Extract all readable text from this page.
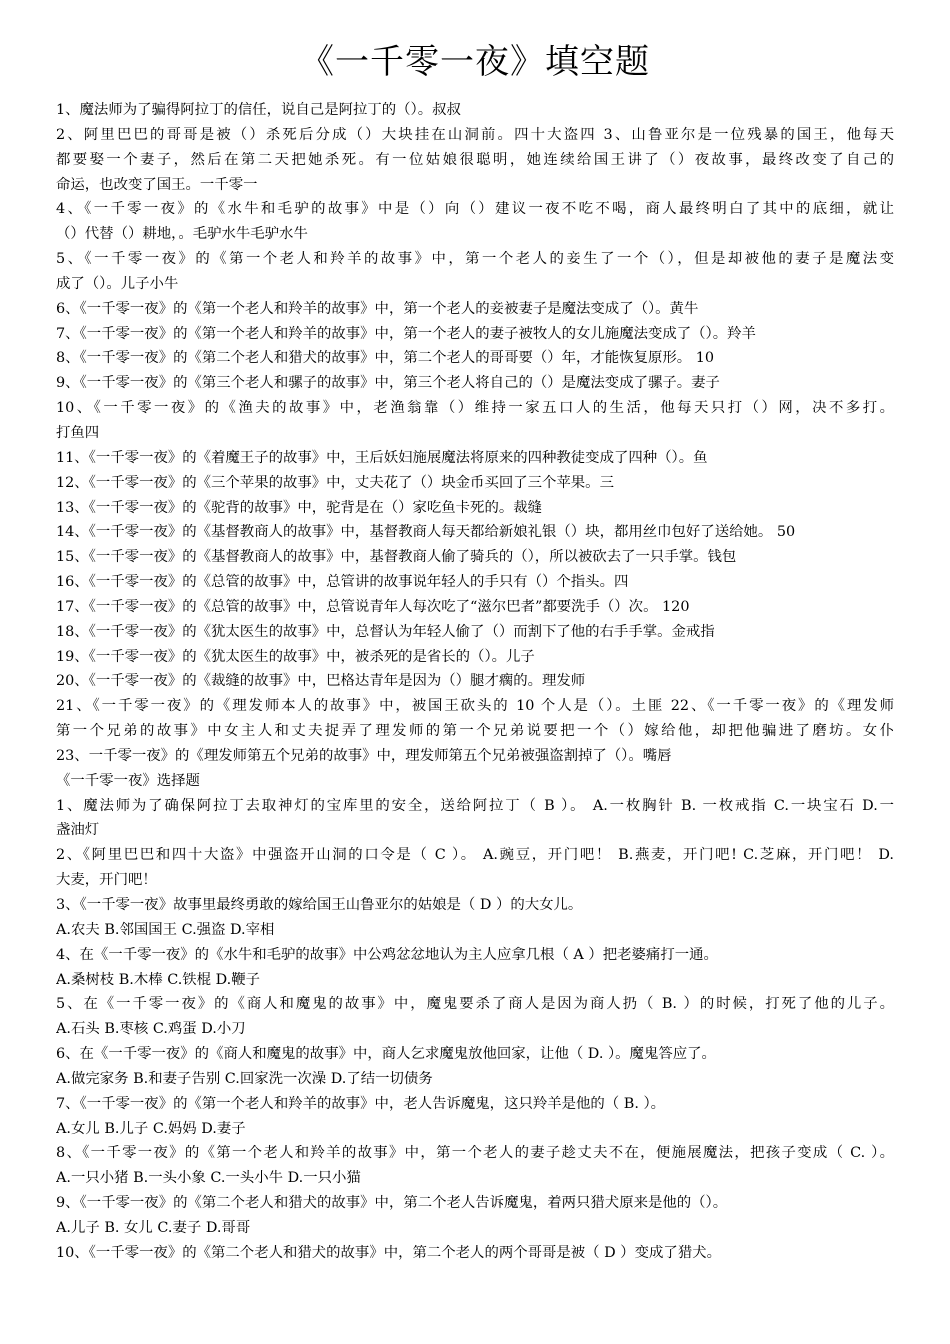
《一千零一夜》填空题
1、魔法师为了骗得阿拉丁的信任，说自己是阿拉丁的（）。叔叔
2、阿里巴巴的哥哥是被（）杀死后分成（）大块挂在山洞前。四十大盗四 3、山鲁亚尔是一位残暴的国王，他每天
都要娶一个妻子，然后在第二天把她杀死。有一位姑娘很聪明，她连续给国王讲了（）夜故事，最终改变了自己的
命运，也改变了国王。一千零一
4、《一千零一夜》的《水牛和毛驴的故事》中是（）向（）建议一夜不吃不喝，商人最终明白了其中的底细，就让
（）代替（）耕地，。毛驴水牛毛驴水牛
5、《一千零一夜》的《第一个老人和羚羊的故事》中，第一个老人的妾生了一个（），但是却被他的妻子是魔法变
成了（）。儿子小牛
6、《一千零一夜》的《第一个老人和羚羊的故事》中，第一个老人的妾被妻子是魔法变成了（）。黄牛
7、《一千零一夜》的《第一个老人和羚羊的故事》中，第一个老人的妻子被牧人的女儿施魔法变成了（）。羚羊
8、《一千零一夜》的《第二个老人和猎犬的故事》中，第二个老人的哥哥要（）年，才能恢复原形。 10
9、《一千零一夜》的《第三个老人和骡子的故事》中，第三个老人将自己的（）是魔法变成了骡子。妻子
10、《一千零一夜》的《渔夫的故事》中，老渔翁靠（）维持一家五口人的生活，他每天只打（）网，决不多打。
打鱼四
11、《一千零一夜》的《着魔王子的故事》中，王后妖妇施展魔法将原来的四种教徒变成了四种（）。鱼
12、《一千零一夜》的《三个苹果的故事》中，丈夫花了（）块金币买回了三个苹果。三
13、《一千零一夜》的《驼背的故事》中，驼背是在（）家吃鱼卡死的。裁缝
14、《一千零一夜》的《基督教商人的故事》中，基督教商人每天都给新娘礼银（）块，都用丝巾包好了送给她。 50
15、《一千零一夜》的《基督教商人的故事》中，基督教商人偷了骑兵的（），所以被砍去了一只手掌。钱包
16、《一千零一夜》的《总管的故事》中，总管讲的故事说年轻人的手只有（）个指头。四
17、《一千零一夜》的《总管的故事》中，总管说青年人每次吃了“滋尔巴者”都要洗手（）次。 120
18、《一千零一夜》的《犹太医生的故事》中，总督认为年轻人偷了（）而割下了他的右手手掌。金戒指
19、《一千零一夜》的《犹太医生的故事》中，被杀死的是省长的（）。儿子
20、《一千零一夜》的《裁缝的故事》中，巴格达青年是因为（）腿才瘸的。理发师
21、《一千零一夜》的《理发师本人的故事》中，被国王砍头的 10 个人是（）。土匪 22、《一千零一夜》的《理发师
第一个兄弟的故事》中女主人和丈夫捉弄了理发师的第一个兄弟说要把一个（）嫁给他，却把他骗进了磨坊。女仆
23、一千零一夜》的《理发师第五个兄弟的故事》中，理发师第五个兄弟被强盗割掉了（）。嘴唇
《一千零一夜》选择题
1、魔法师为了确保阿拉丁去取神灯的宝库里的安全，送给阿拉丁（ B ）。 A.一枚胸针 B. 一枚戒指 C.一块宝石 D.一
盏油灯
2、《阿里巴巴和四十大盗》中强盗开山洞的口令是（ C ）。 A.豌豆，开门吧！ B.燕麦，开门吧! C.芝麻，开门吧！ D.
大麦，开门吧！
3、《一千零一夜》故事里最终勇敢的嫁给国王山鲁亚尔的姑娘是（ D ）的大女儿。
A.农夫 B.邻国国王 C.强盗 D.宰相
4、在《一千零一夜》的《水牛和毛驴的故事》中公鸡忿忿地认为主人应拿几根（ A ）把老婆痛打一通。
A.桑树枝 B.木棒 C.铁棍 D.鞭子
5、在《一千零一夜》的《商人和魔鬼的故事》中，魔鬼要杀了商人是因为商人扔（ B. ）的时候，打死了他的儿子。
A.石头 B.枣核 C.鸡蛋 D.小刀
6、在《一千零一夜》的《商人和魔鬼的故事》中，商人乞求魔鬼放他回家，让他（ D. ）。魔鬼答应了。
A.做完家务 B.和妻子告别 C.回家洗一次澡 D.了结一切债务
7、《一千零一夜》的《第一个老人和羚羊的故事》中，老人告诉魔鬼，这只羚羊是他的（ B. ）。
A.女儿 B.儿子 C.妈妈 D.妻子
8、《一千零一夜》的《第一个老人和羚羊的故事》中，第一个老人的妻子趁丈夫不在，便施展魔法，把孩子变成（ C. ）。
A.一只小猪 B.一头小象 C.一头小牛 D.一只小猫
9、《一千零一夜》的《第二个老人和猎犬的故事》中，第二个老人告诉魔鬼，着两只猎犬原来是他的（）。
A.儿子 B. 女儿 C.妻子 D.哥哥
10、《一千零一夜》的《第二个老人和猎犬的故事》中，第二个老人的两个哥哥是被（ D ）变成了猎犬。
